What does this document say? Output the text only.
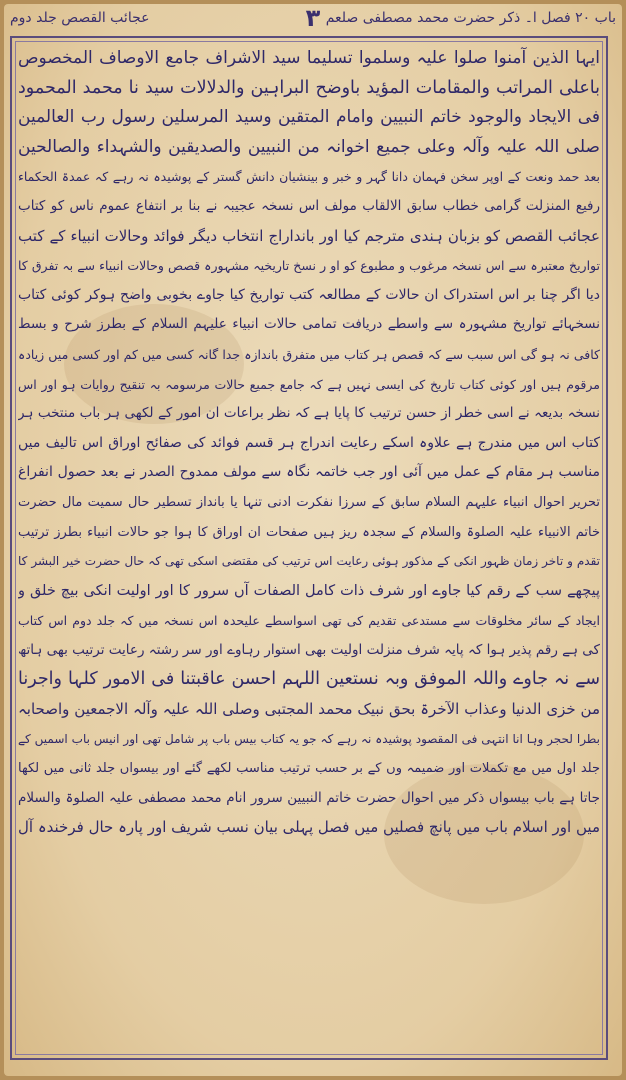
باب ۲۰ فصل ا۔ ذکر حضرت محمد مصطفی صلعم
۳
عجائب القصص جلد دوم
ایہا الذین آمنوا صلوا علیہ وسلموا تسلیما سید الاشراف جامع الاوصاف المخصوص
باعلی المراتب والمقامات المؤید باوضح البراہین والدلالات سید نا محمد المحمود
فی الایجاد والوجود خاتم النبیین وامام المتقین وسید المرسلین رسول رب العالمین
صلی اللہ علیہ وآلہ وعلی جمیع اخوانہ من النبیین والصدیقین والشہداء والصالحین
بعد حمد ونعت کے اوپر سخن فہمان دانا گہر و خبر و بینشیان دانش گستر کے پوشیدہ نہ رہے کہ عمدۃ الحکماء
رفیع المنزلت گرامی خطاب سابق الالقاب مولف اس نسخہ عجیبہ نے بنا بر انتفاع عموم ناس کو کتاب
عجائب القصص کو بزبان ہندی مترجم کیا اور بانداراج انتخاب دیگر فوائد وحالات انبیاء کے کتب
تواریخ معتبرہ سے اس نسخہ مرغوب و مطبوع کو او ر نسخ تاریخیہ مشہورہ قصص وحالات انبیاء سے بہ تفرق کا
دیا اگر چنا بر اس استدراک ان حالات کے مطالعہ کتب تواریخ کیا جاوے بخوبی واضح ہوکر کوئی کتاب
نسخہائے تواریخ مشہورہ سے واسطے دریافت تمامی حالات انبیاء علیہم السلام کے بطرز شرح و بسط
کافی نہ ہو گی اس سبب سے کہ قصص ہر کتاب میں متفرق باندازہ جدا گانہ کسی میں کم اور کسی میں زیادہ
مرقوم ہیں اور کوئی کتاب تاریخ کی ایسی نہیں ہے کہ جامع جمیع حالات مرسومہ بہ تنقیح روایات ہو اور اس
نسخہ بدیعہ نے اسی خطر از حسن ترتیب کا پایا ہے کہ نظر براعات ان امور کے لکھی ہر باب منتخب ہر
کتاب اس میں مندرج ہے علاوہ اسکے رعایت اندراج ہر قسم فوائد کی صفائح اوراق اس تالیف میں
مناسب ہر مقام کے عمل میں آئی اور جب خاتمہ نگاہ سے مولف ممدوح الصدر نے بعد حصول انفراغ
تحریر احوال انبیاء علیہم السلام سابق کے سرزا نفکرت ادنی تنہا یا بانداز تسطیر حال سمیت مال حضرت
خاتم الانبیاء علیہ الصلوۃ والسلام کے سجدہ ریز ہیں صفحات ان اوراق کا ہوا جو حالات انبیاء بطرز ترتیب
تقدم و تاخر زمان ظہور انکی کے مذکور ہوئی رعایت اس ترتیب کی مقتضی اسکی تھی کہ حال حضرت خیر البشر کا
پیچھے سب کے رقم کیا جاوے اور شرف ذات کامل الصفات آں سرور کا اور اولیت انکی بیچ خلق و
ایجاد کے سائر مخلوقات سے مستدعی تقدیم کی تھی اسواسطے علیحدہ اس نسخہ میں کہ جلد دوم اس کتاب
کی ہے رقم پذیر ہوا کہ پایہ شرف منزلت اولیت بھی استوار رہاوے اور سر رشتہ رعایت ترتیب بھی ہاتھ
سے نہ جاوے واللہ الموفق وبہ نستعین اللہم احسن عاقبتنا فی الامور کلہا واجرنا
من خزی الدنیا وعذاب الآخرۃ بحق نبیک محمد المجتبی وصلی اللہ علیہ وآلہ الاجمعین واصحابہ
بطرا لحجر وہا انا انتہی فی المقصود پوشیدہ نہ رہے کہ جو یہ کتاب بیس باب پر شامل تھی اور انیس باب اسمیں کے
جلد اول میں مع تکملات اور ضمیمہ وں کے بر حسب ترتیب مناسب لکھے گئے اور بیسواں جلد ثانی میں لکھا
جاتا ہے باب بیسواں ذکر میں احوال حضرت خاتم النبیین سرور انام محمد مصطفی علیہ الصلوۃ والسلام
میں اور اسلام باب میں پانچ فصلیں میں فصل پہلی بیان نسب شریف اور پارہ حال فرخندہ آل
